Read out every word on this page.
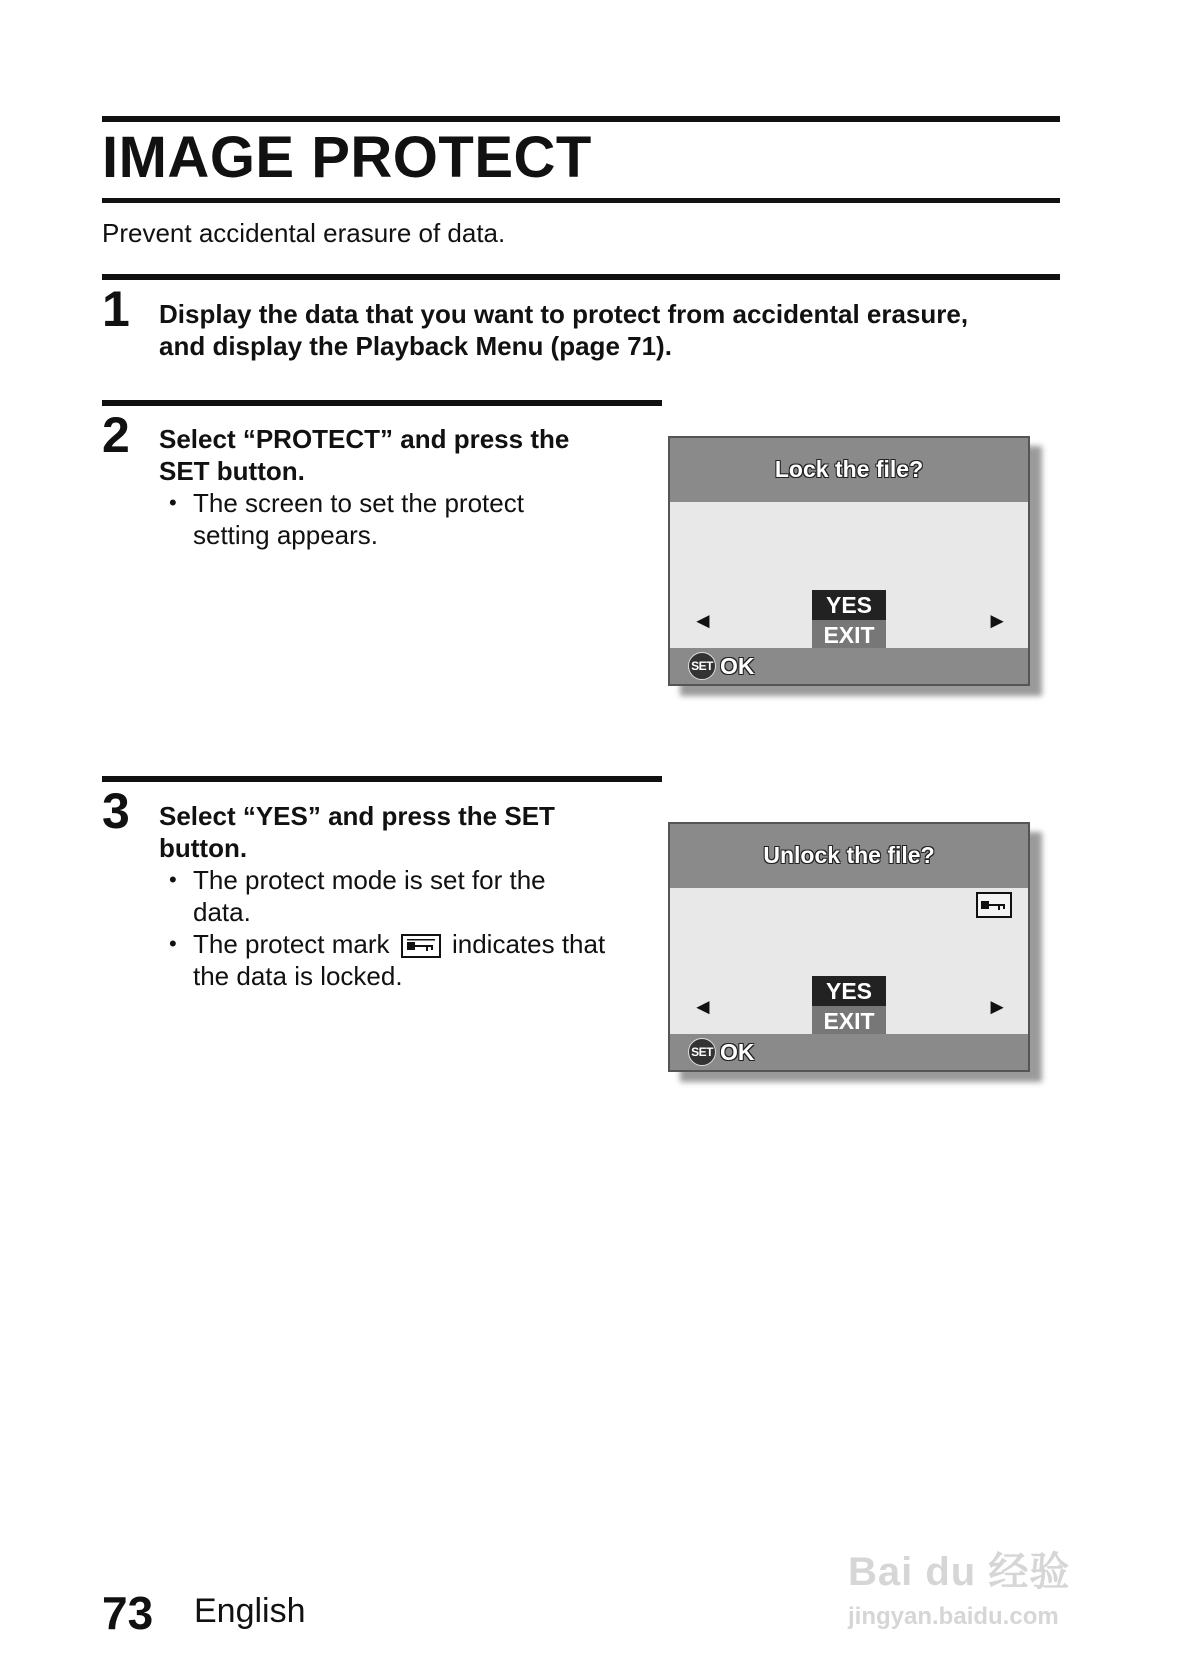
IMAGE PROTECT
Prevent accidental erasure of data.
1 Display the data that you want to protect from accidental erasure,
and display the Playback Menu (page 71).
2 Select “PROTECT” and press the
SET button.
• The screen to set the protect
setting appears.
Lock the file?
◄	►
YES
EXIT
SET OK
3 Select “YES” and press the SET
button.
• The protect mode is set for the
data.
• The protect mark indicates that
the data is locked.
Unlock the file?
◄	►
YES
EXIT
SET OK
73 English
Bai du 经验
jingyan.baidu.com
